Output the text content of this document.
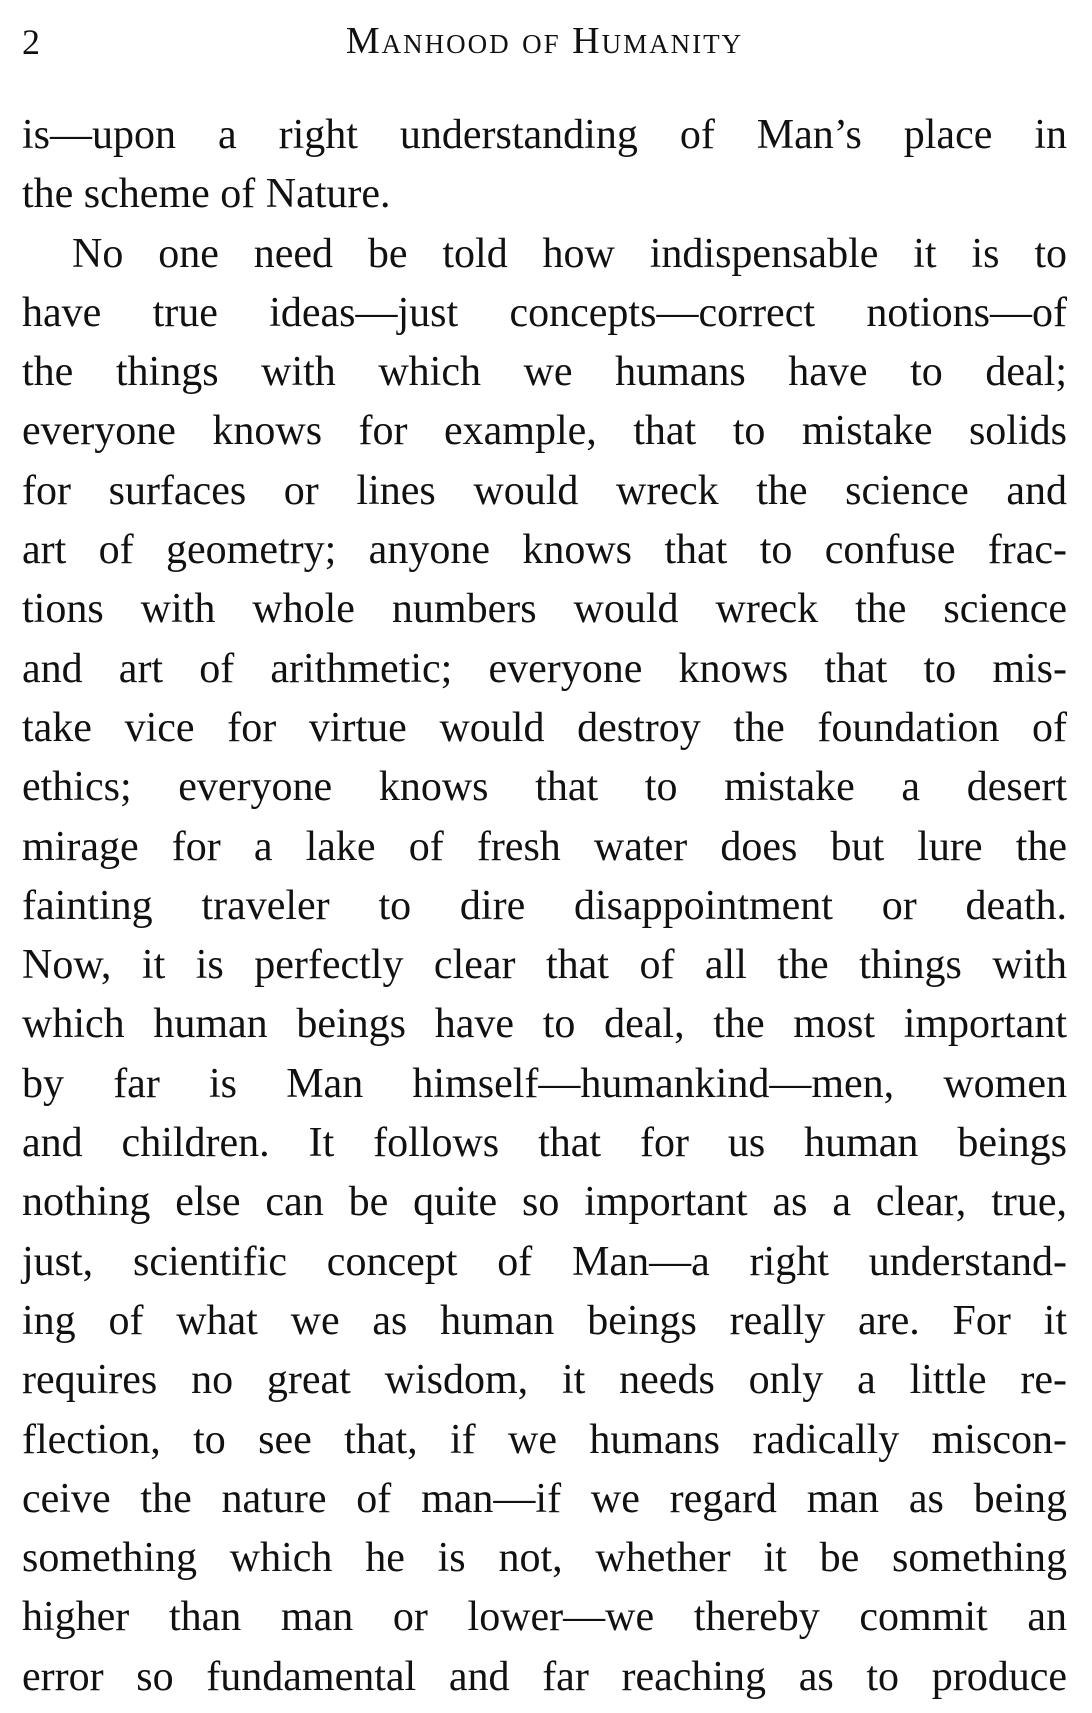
2	Manhood of Humanity
is—upon a right understanding of Man’s place in
the scheme of Nature.
No one need be told how indispensable it is to
have true ideas—just concepts—correct notions—of
the things with which we humans have to deal;
everyone knows for example, that to mistake solids
for surfaces or lines would wreck the science and
art of geometry; anyone knows that to confuse frac-
tions with whole numbers would wreck the science
and art of arithmetic; everyone knows that to mis-
take vice for virtue would destroy the foundation of
ethics; everyone knows that to mistake a desert
mirage for a lake of fresh water does but lure the
fainting traveler to dire disappointment or death.
Now, it is perfectly clear that of all the things with
which human beings have to deal, the most important
by far is Man himself—humankind—men, women
and children. It follows that for us human beings
nothing else can be quite so important as a clear, true,
just, scientific concept of Man—a right understand-
ing of what we as human beings really are. For it
requires no great wisdom, it needs only a little re-
flection, to see that, if we humans radically miscon-
ceive the nature of man—if we regard man as being
something which he is not, whether it be something
higher than man or lower—we thereby commit an
error so fundamental and far reaching as to produce
